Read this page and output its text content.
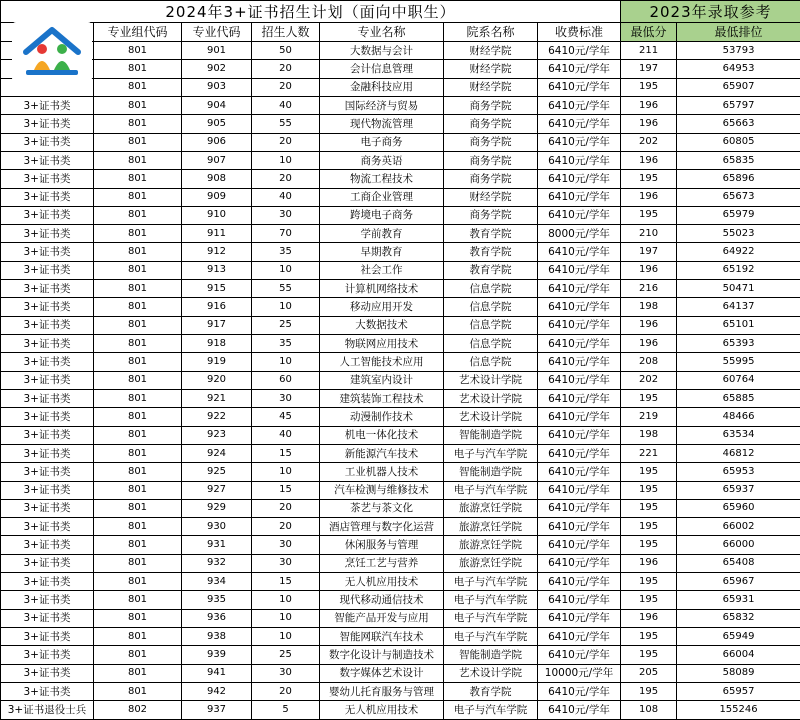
2024年3+证书招生计划（面向中职生）							2023年录取参考	
	专业组代码	专业代码	招生人数	专业名称	院系名称	收费标准	最低分	最低排位
	801	901	50	大数据与会计	财经学院	6410元/学年	211	53793
	801	902	20	会计信息管理	财经学院	6410元/学年	197	64953
	801	903	20	金融科技应用	财经学院	6410元/学年	195	65907
3+证书类	801	904	40	国际经济与贸易	商务学院	6410元/学年	196	65797
3+证书类	801	905	55	现代物流管理	商务学院	6410元/学年	196	65663
3+证书类	801	906	20	电子商务	商务学院	6410元/学年	202	60805
3+证书类	801	907	10	商务英语	商务学院	6410元/学年	196	65835
3+证书类	801	908	20	物流工程技术	商务学院	6410元/学年	195	65896
3+证书类	801	909	40	工商企业管理	财经学院	6410元/学年	196	65673
3+证书类	801	910	30	跨境电子商务	商务学院	6410元/学年	195	65979
3+证书类	801	911	70	学前教育	教育学院	8000元/学年	210	55023
3+证书类	801	912	35	早期教育	教育学院	6410元/学年	197	64922
3+证书类	801	913	10	社会工作	教育学院	6410元/学年	196	65192
3+证书类	801	915	55	计算机网络技术	信息学院	6410元/学年	216	50471
3+证书类	801	916	10	移动应用开发	信息学院	6410元/学年	198	64137
3+证书类	801	917	25	大数据技术	信息学院	6410元/学年	196	65101
3+证书类	801	918	35	物联网应用技术	信息学院	6410元/学年	196	65393
3+证书类	801	919	10	人工智能技术应用	信息学院	6410元/学年	208	55995
3+证书类	801	920	60	建筑室内设计	艺术设计学院	6410元/学年	202	60764
3+证书类	801	921	30	建筑装饰工程技术	艺术设计学院	6410元/学年	195	65885
3+证书类	801	922	45	动漫制作技术	艺术设计学院	6410元/学年	219	48466
3+证书类	801	923	40	机电一体化技术	智能制造学院	6410元/学年	198	63534
3+证书类	801	924	15	新能源汽车技术	电子与汽车学院	6410元/学年	221	46812
3+证书类	801	925	10	工业机器人技术	智能制造学院	6410元/学年	195	65953
3+证书类	801	927	15	汽车检测与维修技术	电子与汽车学院	6410元/学年	195	65937
3+证书类	801	929	20	茶艺与茶文化	旅游烹饪学院	6410元/学年	195	65960
3+证书类	801	930	20	酒店管理与数字化运营	旅游烹饪学院	6410元/学年	195	66002
3+证书类	801	931	30	休闲服务与管理	旅游烹饪学院	6410元/学年	195	66000
3+证书类	801	932	30	烹饪工艺与营养	旅游烹饪学院	6410元/学年	196	65408
3+证书类	801	934	15	无人机应用技术	电子与汽车学院	6410元/学年	195	65967
3+证书类	801	935	10	现代移动通信技术	电子与汽车学院	6410元/学年	195	65931
3+证书类	801	936	10	智能产品开发与应用	电子与汽车学院	6410元/学年	196	65832
3+证书类	801	938	10	智能网联汽车技术	电子与汽车学院	6410元/学年	195	65949
3+证书类	801	939	25	数字化设计与制造技术	智能制造学院	6410元/学年	195	66004
3+证书类	801	941	30	数字媒体艺术设计	艺术设计学院	10000元/学年	205	58089
3+证书类	801	942	20	婴幼儿托育服务与管理	教育学院	6410元/学年	195	65957
3+证书退役士兵	802	937	5	无人机应用技术	电子与汽车学院	6410元/学年	108	155246
